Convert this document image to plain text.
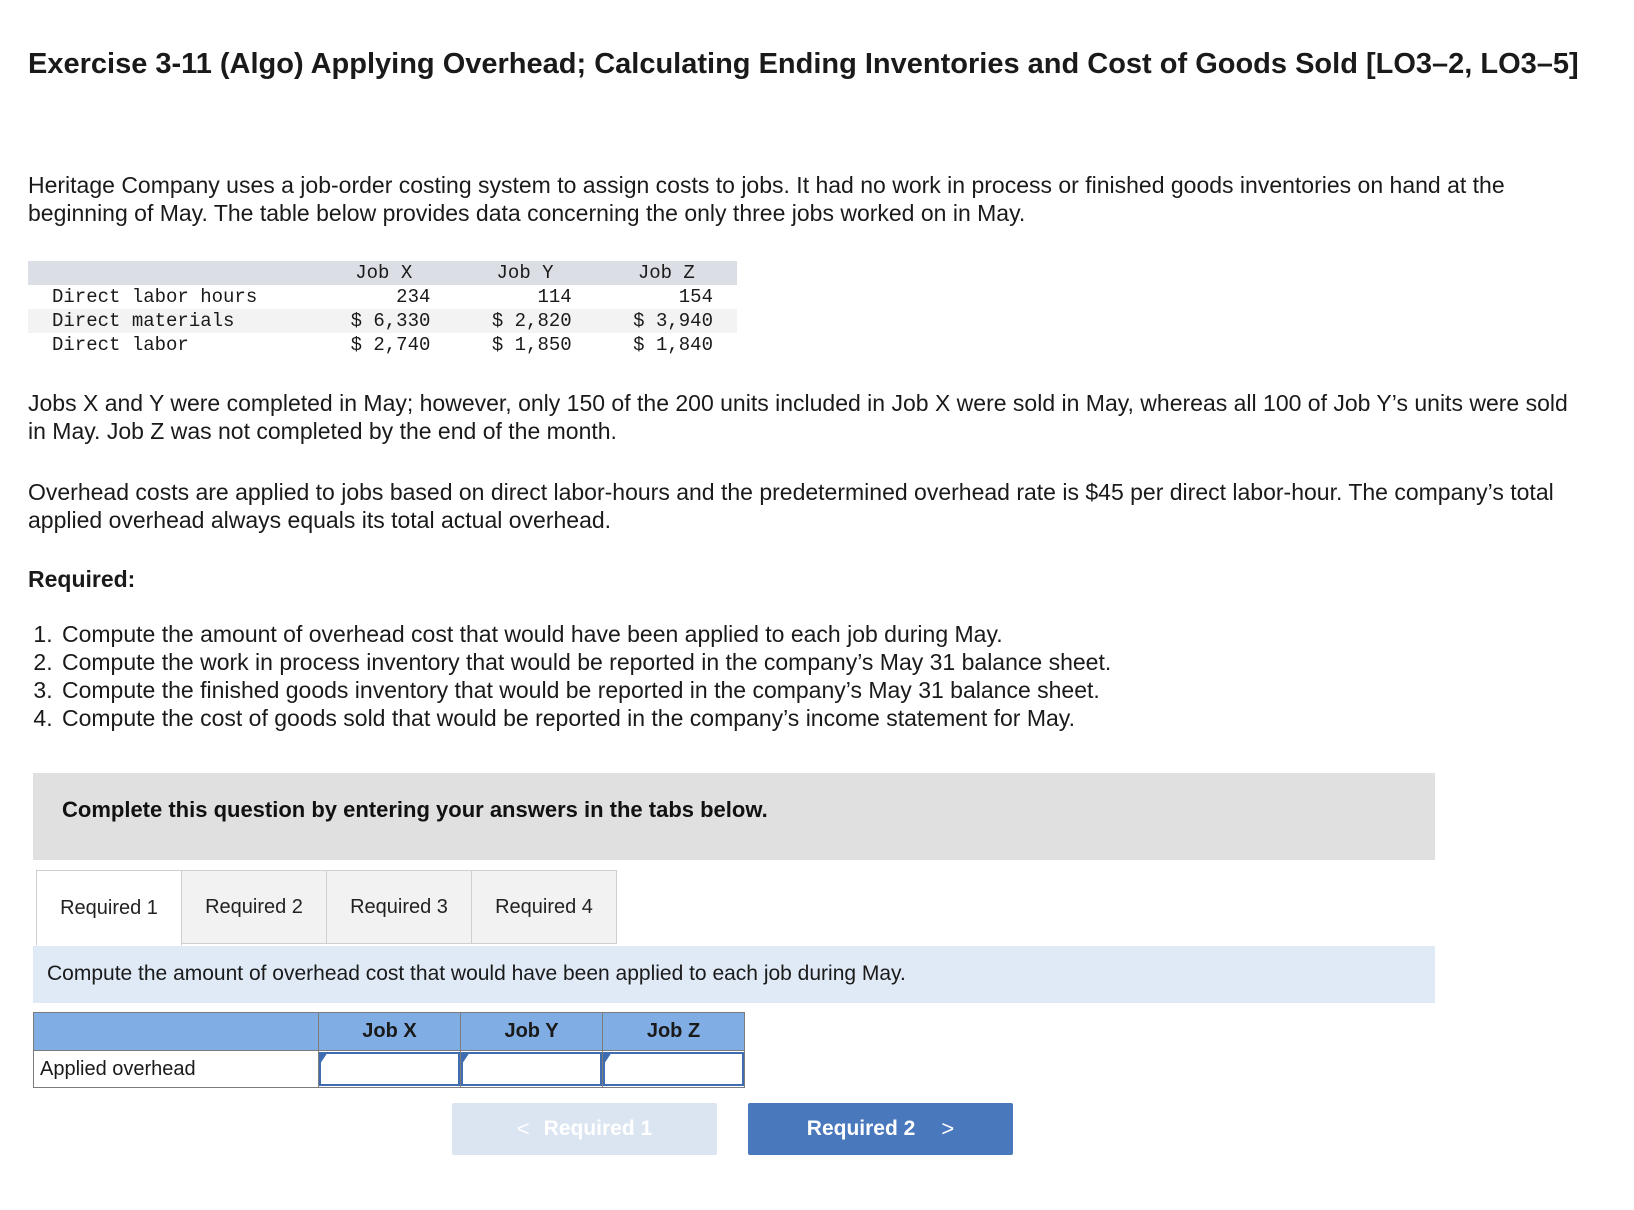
Exercise 3-11 (Algo) Applying Overhead; Calculating Ending Inventories and Cost of Goods Sold [LO3–2, LO3–5]

Heritage Company uses a job-order costing system to assign costs to jobs. It had no work in process or finished goods inventories on hand at the beginning of May. The table below provides data concerning the only three jobs worked on in May.

	Job X	Job Y	Job Z
Direct labor hours	234	114	154
Direct materials	$ 6,330	$ 2,820	$ 3,940
Direct labor	$ 2,740	$ 1,850	$ 1,840

Jobs X and Y were completed in May; however, only 150 of the 200 units included in Job X were sold in May, whereas all 100 of Job Y’s units were sold in May. Job Z was not completed by the end of the month.

Overhead costs are applied to jobs based on direct labor-hours and the predetermined overhead rate is $45 per direct labor-hour. The company’s total applied overhead always equals its total actual overhead.

Required:

1. Compute the amount of overhead cost that would have been applied to each job during May.
2. Compute the work in process inventory that would be reported in the company’s May 31 balance sheet.
3. Compute the finished goods inventory that would be reported in the company’s May 31 balance sheet.
4. Compute the cost of goods sold that would be reported in the company’s income statement for May.
Complete this question by entering your answers in the tabs below.
Required 1	Required 2	Required 3	Required 4
Compute the amount of overhead cost that would have been applied to each job during May.
	Job X	Job Y	Job Z
Applied overhead			
< Required 1	Required 2 >
